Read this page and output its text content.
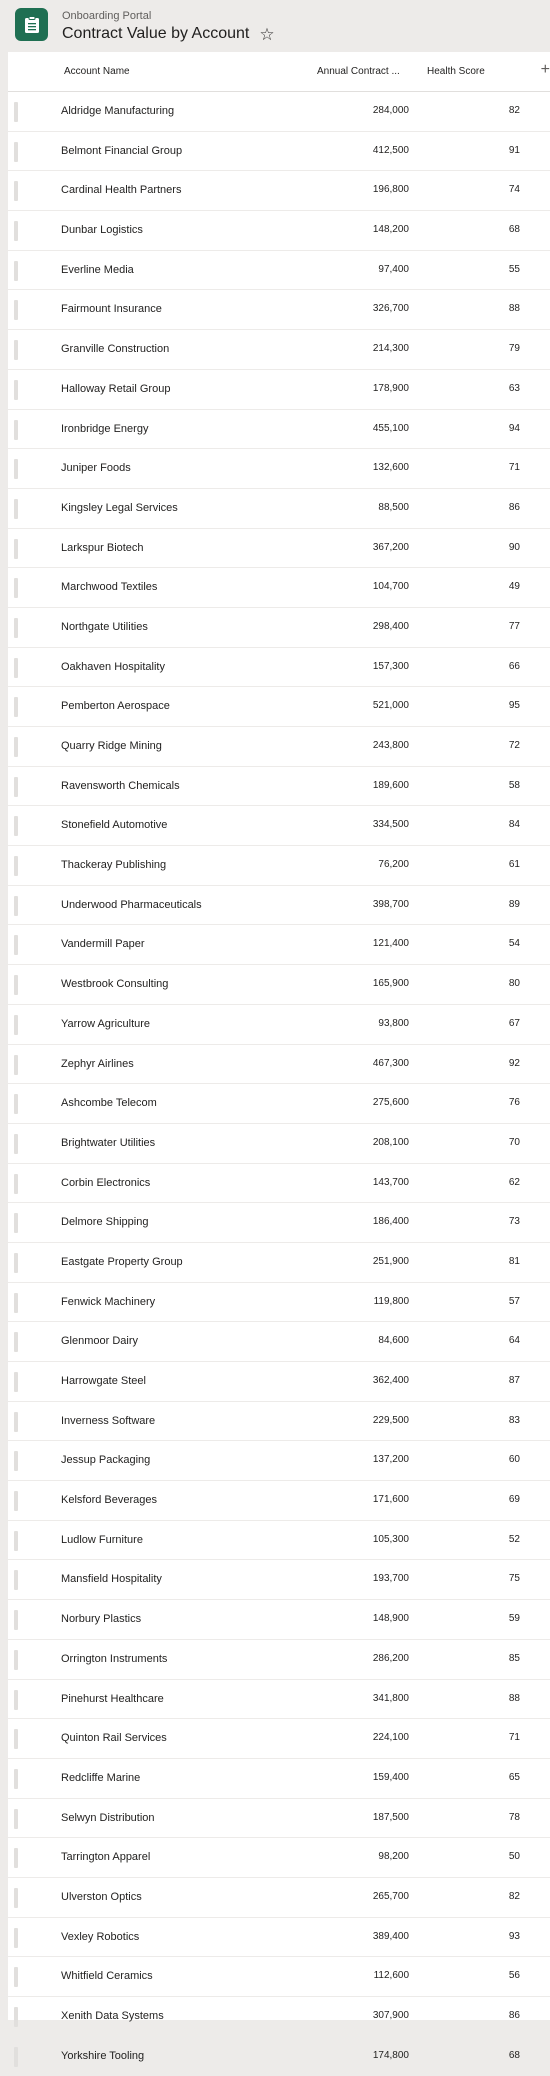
Onboarding Portal
Contract Value by Account ☆
Account Name	Annual Contract ...	Health Score	+
Aldridge Manufacturing	284,000	82
Belmont Financial Group	412,500	91
Cardinal Health Partners	196,800	74
Dunbar Logistics	148,200	68
Everline Media	97,400	55
Fairmount Insurance	326,700	88
Granville Construction	214,300	79
Halloway Retail Group	178,900	63
Ironbridge Energy	455,100	94
Juniper Foods	132,600	71
Kingsley Legal Services	88,500	86
Larkspur Biotech	367,200	90
Marchwood Textiles	104,700	49
Northgate Utilities	298,400	77
Oakhaven Hospitality	157,300	66
Pemberton Aerospace	521,000	95
Quarry Ridge Mining	243,800	72
Ravensworth Chemicals	189,600	58
Stonefield Automotive	334,500	84
Thackeray Publishing	76,200	61
Underwood Pharmaceuticals	398,700	89
Vandermill Paper	121,400	54
Westbrook Consulting	165,900	80
Yarrow Agriculture	93,800	67
Zephyr Airlines	467,300	92
Ashcombe Telecom	275,600	76
Brightwater Utilities	208,100	70
Corbin Electronics	143,700	62
Delmore Shipping	186,400	73
Eastgate Property Group	251,900	81
Fenwick Machinery	119,800	57
Glenmoor Dairy	84,600	64
Harrowgate Steel	362,400	87
Inverness Software	229,500	83
Jessup Packaging	137,200	60
Kelsford Beverages	171,600	69
Ludlow Furniture	105,300	52
Mansfield Hospitality	193,700	75
Norbury Plastics	148,900	59
Orrington Instruments	286,200	85
Pinehurst Healthcare	341,800	88
Quinton Rail Services	224,100	71
Redcliffe Marine	159,400	65
Selwyn Distribution	187,500	78
Tarrington Apparel	98,200	50
Ulverston Optics	265,700	82
Vexley Robotics	389,400	93
Whitfield Ceramics	112,600	56
Xenith Data Systems	307,900	86
Yorkshire Tooling	174,800	68
